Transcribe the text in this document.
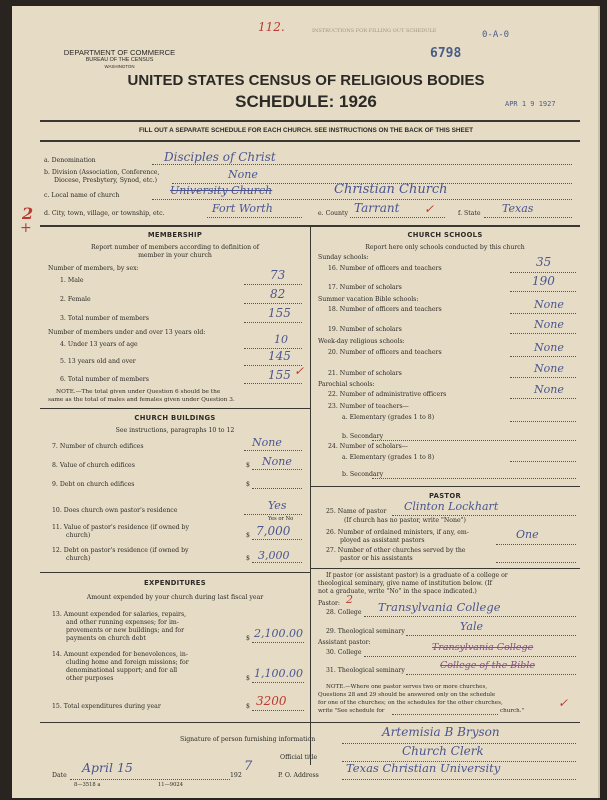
112.	INSTRUCTIONS FOR FILLING OUT SCHEDULE	0-A-0
6798
DEPARTMENT OF COMMERCE
BUREAU OF THE CENSUS
WASHINGTON
UNITED STATES CENSUS OF RELIGIOUS BODIES
SCHEDULE: 1926	APR 1 9 1927
FILL OUT A SEPARATE SCHEDULE FOR EACH CHURCH. SEE INSTRUCTIONS ON THE BACK OF THIS SHEET
a. Denomination	Disciples of Christ
b. Division (Association, Conference,
Diocese, Presbytery, Synod, etc.)	None
c. Local name of church	University Church	Christian Church
2
+
d. City, town, village, or township, etc.	Fort Worth	e. County Tarrant ✓	f. State Texas
MEMBERSHIP
Report number of members according to definition of
member in your church
Number of members, by sex:
1. Male	73
2. Female	82
3. Total number of members	155
Number of members under and over 13 years old:
4. Under 13 years of age	10
5. 13 years old and over	145
6. Total number of members	155 ✓
NOTE.—The total given under Question 6 should be the
same as the total of males and females given under Question 3.
CHURCH BUILDINGS
See instructions, paragraphs 10 to 12
7. Number of church edifices	None
8. Value of church edifices	$ None
9. Debt on church edifices	$
10. Does church own pastor's residence	Yes
Yes or No
11. Value of pastor's residence (if owned by
church)	$ 7,000
12. Debt on pastor's residence (if owned by
church)	$ 3,000
EXPENDITURES
Amount expended by your church during last fiscal year
13. Amount expended for salaries, repairs,
and other running expenses; for im-
provements or new buildings; and for
payments on church debt	$ 2,100.00
14. Amount expended for benevolences, in-
cluding home and foreign missions; for
denominational support; and for all
other purposes	$ 1,100.00
15. Total expenditures during year	$ 3200
CHURCH SCHOOLS
Report here only schools conducted by this church
Sunday schools:
16. Number of officers and teachers	35
17. Number of scholars	190
Summer vacation Bible schools:
18. Number of officers and teachers	None
19. Number of scholars	None
Week-day religious schools:
20. Number of officers and teachers	None
21. Number of scholars	None
Parochial schools:
22. Number of administrative officers	None
23. Number of teachers—
a. Elementary (grades 1 to 8)
b. Secondary
24. Number of scholars—
a. Elementary (grades 1 to 8)
b. Secondary
PASTOR
25. Name of pastor Clinton Lockhart
(If church has no pastor, write "None")
26. Number of ordained ministers, if any, em-
ployed as assistant pastors	One
27. Number of other churches served by the
pastor or his assistants
If pastor (or assistant pastor) is a graduate of a college or
theological seminary, give name of institution below. (If
not a graduate, write "No" in the space indicated.)
Pastor: 2
28. College Transylvania College
29. Theological seminary	Yale
Assistant pastor:
30. College	Transylvania College
31. Theological seminary	College of the Bible
NOTE.—Where one pastor serves two or more churches,
Questions 28 and 29 should be answered only on the schedule
for one of the churches; on the schedules for the other churches,
write "See schedule for	church."
✓
Signature of person furnishing information
Artemisia B Bryson
Official title	Church Clerk
Date
April 15
192
7
P. O. Address
Texas Christian University
8—3518 a	11—9024
